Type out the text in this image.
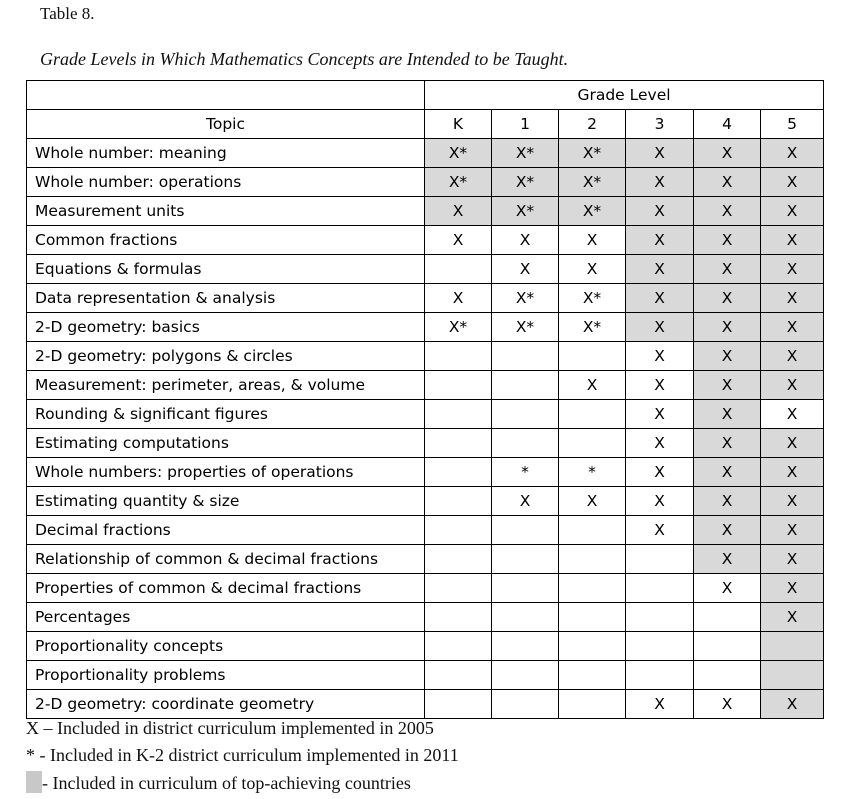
Table 8.
Grade Levels in Which Mathematics Concepts are Intended to be Taught.
	Grade Level					
Topic	K	1	2	3	4	5
Whole number: meaning	X*	X*	X*	X	X	X
Whole number: operations	X*	X*	X*	X	X	X
Measurement units	X	X*	X*	X	X	X
Common fractions	X	X	X	X	X	X
Equations & formulas		X	X	X	X	X
Data representation & analysis	X	X*	X*	X	X	X
2-D geometry: basics	X*	X*	X*	X	X	X
2-D geometry: polygons & circles				X	X	X
Measurement: perimeter, areas, & volume			X	X	X	X
Rounding & significant figures				X	X	X
Estimating computations				X	X	X
Whole numbers: properties of operations		*	*	X	X	X
Estimating quantity & size		X	X	X	X	X
Decimal fractions				X	X	X
Relationship of common & decimal fractions					X	X
Properties of common & decimal fractions					X	X
Percentages						X
Proportionality concepts						
Proportionality problems						
2-D geometry: coordinate geometry				X	X	X
X – Included in district curriculum implemented in 2005
* - Included in K-2 district curriculum implemented in 2011
- Included in curriculum of top-achieving countries
